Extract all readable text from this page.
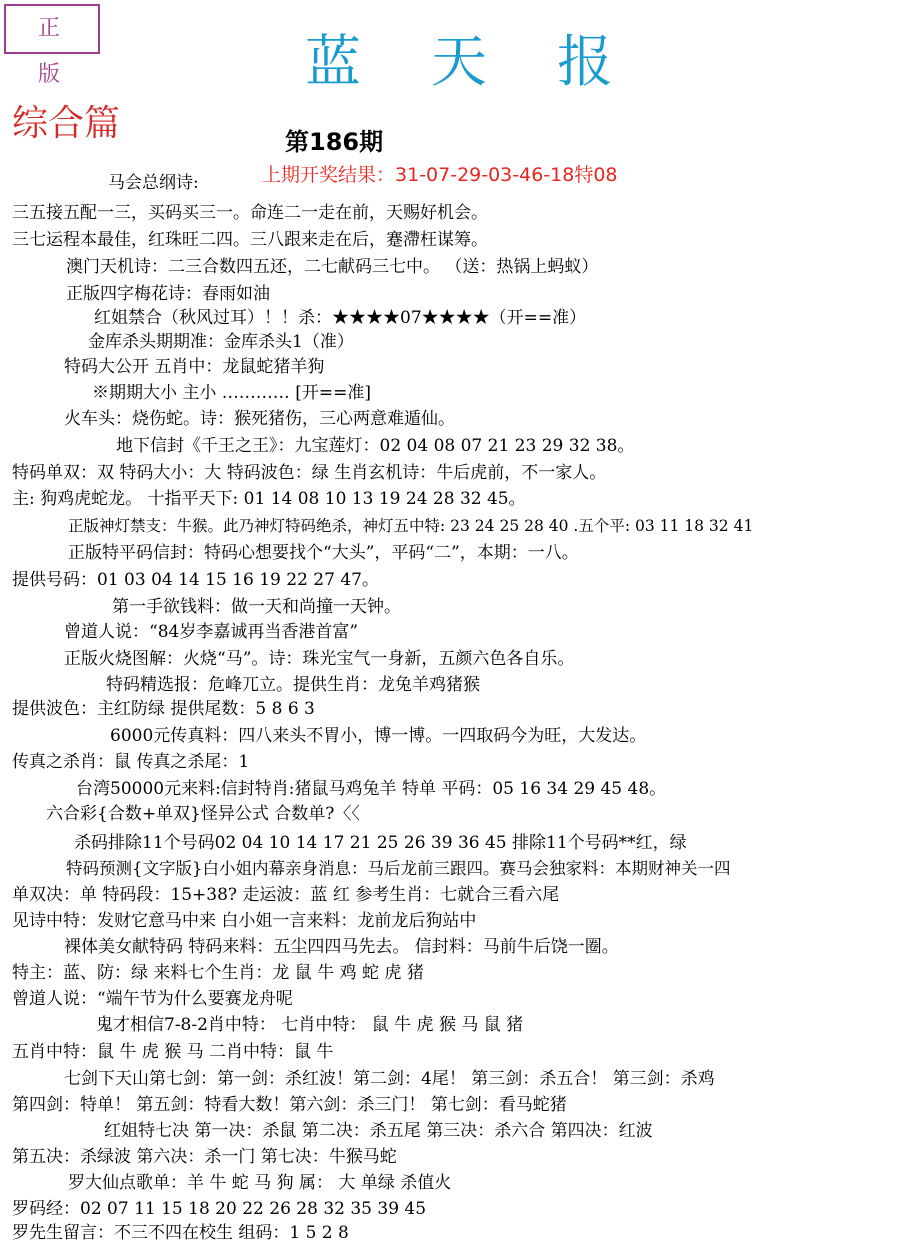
正 版	蓝天报
综合篇	第186期
上期开奖结果：31-07-29-03-46-18特08
马会总纲诗:
三五接五配一三，买码买三一。命连二一走在前，天赐好机会。
三七运程本最佳，红珠旺二四。三八跟来走在后，蹇滯枉谋筹。
澳门天机诗：二三合数四五还，二七献码三七中。 （送：热锅上蚂蚁）
正版四字梅花诗：春雨如油
红姐禁合（秋风过耳）！！杀：★★★★07★★★★（开==准）
金库杀头期期准：金库杀头1（准）
特码大公开 五肖中：龙鼠蛇猪羊狗
※期期大小 主小 ………… [开==准]
火车头：烧伤蛇。诗：猴死猪伤，三心两意难遁仙。
地下信封《千王之王》：九宝莲灯：02 04 08 07 21 23 29 32 38。
特码单双：双 特码大小：大 特码波色：绿 生肖玄机诗：牛后虎前，不一家人。
主: 狗鸡虎蛇龙。 十指平天下: 01 14 08 10 13 19 24 28 32 45。
正版神灯禁支：牛猴。此乃神灯特码绝杀，神灯五中特: 23 24 25 28 40 .五个平: 03 11 18 32 41
正版特平码信封：特码心想要找个“大头”，平码“二”，本期：一八。
提供号码：01 03 04 14 15 16 19 22 27 47。
第一手欲钱料：做一天和尚撞一天钟。
曾道人说：“84岁李嘉诚再当香港首富”
正版火烧图解：火烧“马”。诗：珠光宝气一身新，五颜六色各自乐。
特码精选报：危峰兀立。提供生肖：龙兔羊鸡猪猴
提供波色：主红防绿 提供尾数：5 8 6 3
6000元传真料：四八来头不胃小，博一博。一四取码今为旺，大发达。
传真之杀肖：鼠 传真之杀尾：1
台湾50000元来料:信封特肖:猪鼠马鸡兔羊 特单 平码：05 16 34 29 45 48。
六合彩{合数+单双}怪异公式 合数单?〈〈
杀码排除11个号码02 04 10 14 17 21 25 26 39 36 45 排除11个号码**红，绿
特码预测{文字版}白小姐内幕亲身消息：马后龙前三跟四。赛马会独家料：本期财神关一四
单双决：单 特码段：15+38? 走运波：蓝 红 参考生肖：七就合三看六尾
见诗中特：发财它意马中来 白小姐一言来料：龙前龙后狗站中
裸体美女献特码 特码来料：五尘四四马先去。 信封料：马前牛后饶一圈。
特主：蓝、防：绿 来料七个生肖：龙 鼠 牛 鸡 蛇 虎 猪
曾道人说：“端午节为什么要赛龙舟呢
鬼才相信7-8-2肖中特： 七肖中特： 鼠 牛 虎 猴 马 鼠 猪
五肖中特：鼠 牛 虎 猴 马 二肖中特：鼠 牛
七剑下天山第七剑：第一剑：杀红波！第二剑：4尾！ 第三剑：杀五合！ 第三剑：杀鸡
第四剑：特单！ 第五剑：特看大数！第六剑：杀三门！ 第七剑：看马蛇猪
红姐特七决 第一决：杀鼠 第二决：杀五尾 第三决：杀六合 第四决：红波
第五决：杀绿波 第六决：杀一门 第七决：牛猴马蛇
罗大仙点歌单：羊 牛 蛇 马 狗 属： 大 单绿 杀值火
罗码经：02 07 11 15 18 20 22 26 28 32 35 39 45
罗先生留言：不三不四在校生 组码：1 5 2 8
